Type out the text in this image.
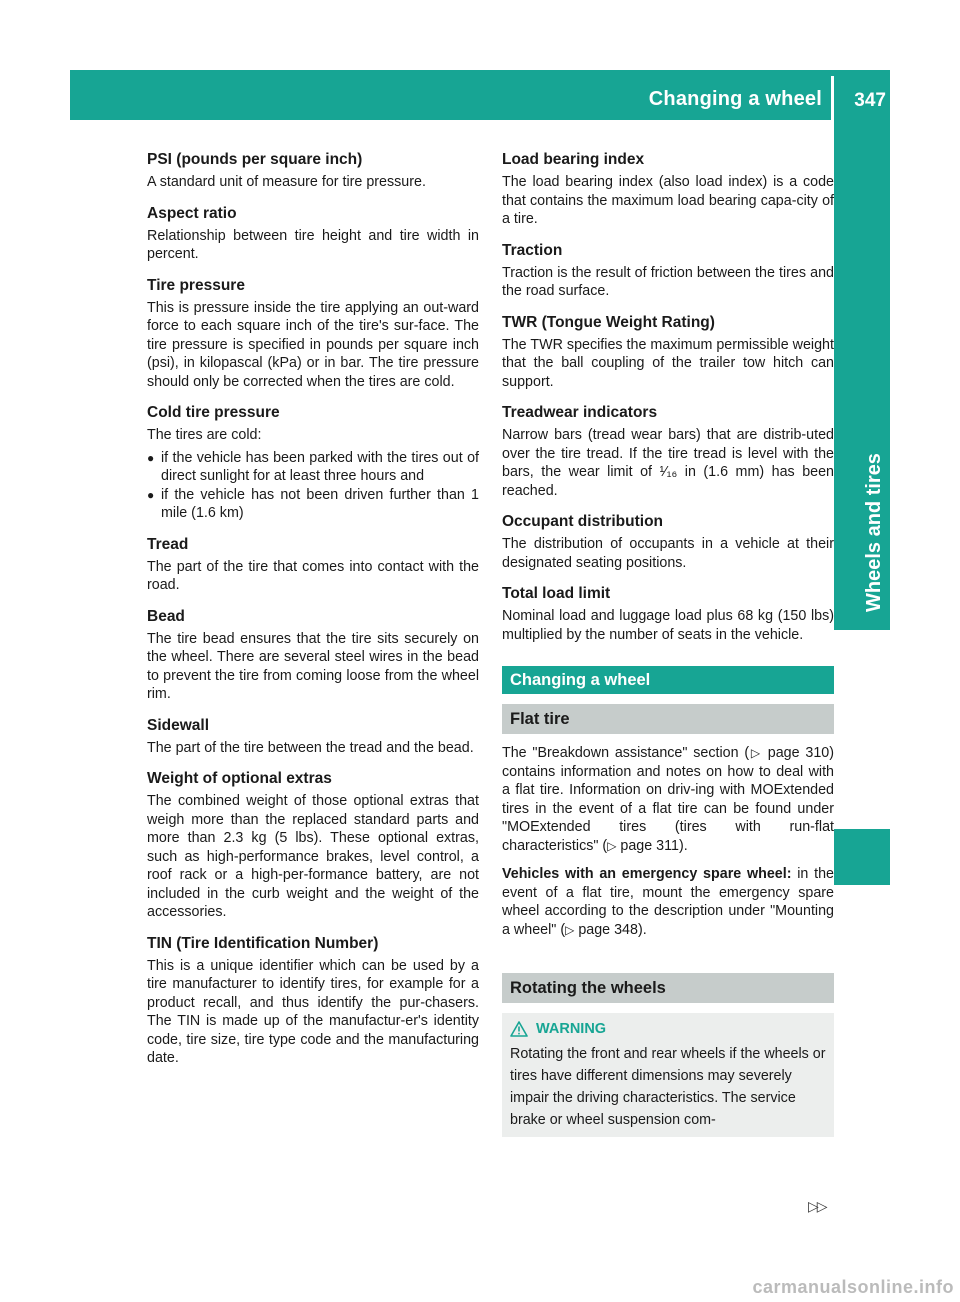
Changing a wheel 347
Wheels and tires
PSI (pounds per square inch)

A standard unit of measure for tire pressure.

Aspect ratio

Relationship between tire height and tire width in percent.

Tire pressure

This is pressure inside the tire applying an out-ward force to each square inch of the tire's sur-face. The tire pressure is specified in pounds per square inch (psi), in kilopascal (kPa) or in bar. The tire pressure should only be corrected when the tires are cold.

Cold tire pressure

The tires are cold:

● if the vehicle has been parked with the tires out of direct sunlight for at least three hours and
● if the vehicle has not been driven further than 1 mile (1.6 km)
Tread

The part of the tire that comes into contact with the road.

Bead

The tire bead ensures that the tire sits securely on the wheel. There are several steel wires in the bead to prevent the tire from coming loose from the wheel rim.

Sidewall

The part of the tire between the tread and the bead.

Weight of optional extras

The combined weight of those optional extras that weigh more than the replaced standard parts and more than 2.3 kg (5 lbs). These optional extras, such as high-performance brakes, level control, a roof rack or a high-per-formance battery, are not included in the curb weight and the weight of the accessories.

TIN (Tire Identification Number)

This is a unique identifier which can be used by a tire manufacturer to identify tires, for example for a product recall, and thus identify the pur-chasers. The TIN is made up of the manufactur-er's identity code, tire size, tire type code and the manufacturing date.

Load bearing index

The load bearing index (also load index) is a code that contains the maximum load bearing capa-city of a tire.

Traction

Traction is the result of friction between the tires and the road surface.

TWR (Tongue Weight Rating)

The TWR specifies the maximum permissible weight that the ball coupling of the trailer tow hitch can support.

Treadwear indicators

Narrow bars (tread wear bars) that are distrib-uted over the tire tread. If the tire tread is level with the bars, the wear limit of ¹⁄₁₆ in (1.6 mm) has been reached.

Occupant distribution

The distribution of occupants in a vehicle at their designated seating positions.

Total load limit

Nominal load and luggage load plus 68 kg (150 lbs) multiplied by the number of seats in the vehicle.

Changing a wheel
Flat tire

The "Breakdown assistance" section (▷ page 310) contains information and notes on how to deal with a flat tire. Information on driv-ing with MOExtended tires in the event of a flat tire can be found under "MOExtended tires (tires with run-flat characteristics" (▷ page 311).

Vehicles with an emergency spare wheel: in the event of a flat tire, mount the emergency spare wheel according to the description under "Mounting a wheel" (▷ page 348).

Rotating the wheels
WARNING
Rotating the front and rear wheels if the wheels or tires have different dimensions may severely impair the driving characteristics. The service brake or wheel suspension com-
▷▷
carmanualsonline.info
